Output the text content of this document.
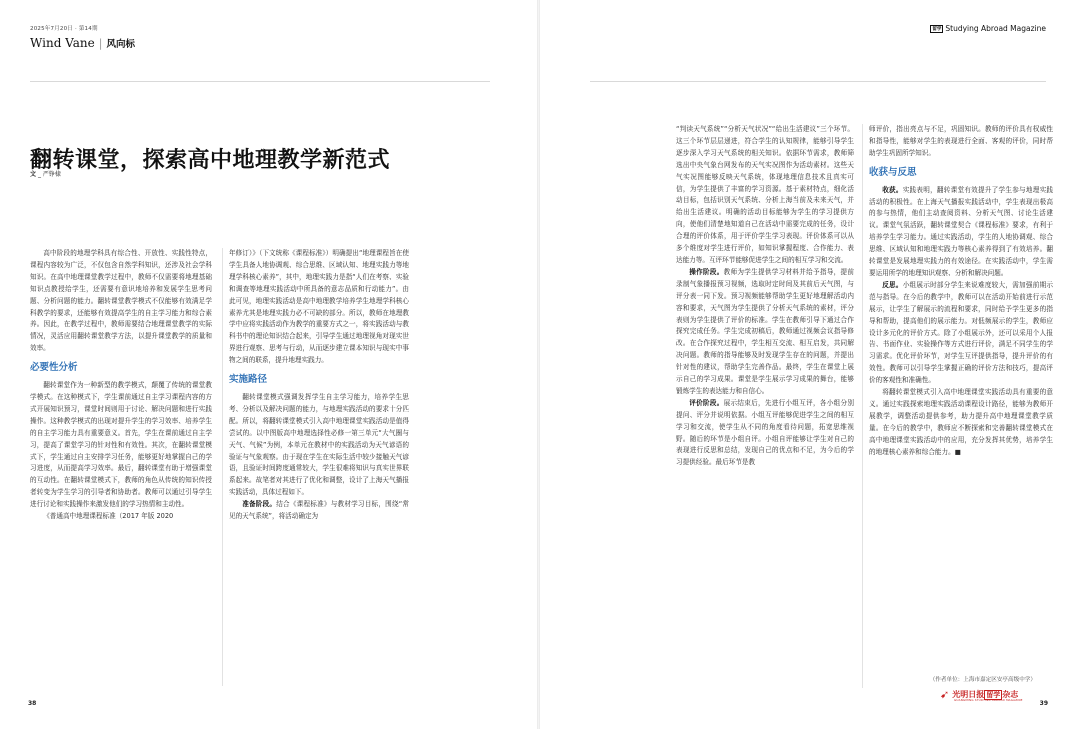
2025年7月20日 · 第14期
Wind Vane | 风向标
翻转课堂，探索高中地理教学新范式
文 _ 严铮棣

高中阶段的地理学科具有综合性、开放性、实践性特点，课程内容较为广泛，不仅包含自然学科知识，还涉及社会学科知识。在高中地理课堂教学过程中，教师不仅需要将地理基础知识点教授给学生，还需要有意识地培养和发展学生思考问题、分析问题的能力。翻转课堂教学模式不仅能够有效满足学科教学的要求，还能够有效提高学生的自主学习能力和综合素养。因此，在教学过程中，教师需要结合地理课堂教学的实际情况，灵活应用翻转课堂教学方法，以提升课堂教学的质量和效率。

必要性分析

翻转课堂作为一种新型的教学模式，颠覆了传统的课堂教学模式。在这种模式下，学生课前通过自主学习课程内容的方式开展知识预习，课堂时间则用于讨论、解决问题和进行实践操作。这种教学模式的出现对提升学生的学习效率、培养学生的自主学习能力具有重要意义。首先，学生在课前通过自主学习，提高了课堂学习的针对性和有效性。其次，在翻转课堂模式下，学生通过自主安排学习任务，能够更好地掌握自己的学习进度，从而提高学习效率。最后，翻转课堂有助于增强课堂的互动性。在翻转课堂模式下，教师的角色从传统的知识传授者转变为学生学习的引导者和协助者。教师可以通过引导学生进行讨论和实践操作来激发他们的学习热情和主动性。

《普通高中地理课程标准（2017 年版 2020

年修订）》（下文统称《课程标准》）明确提出“地理课程旨在使学生具备人地协调观、综合思维、区域认知、地理实践力等地理学科核心素养”，其中，地理实践力是指“人们在考察、实验和调查等地理实践活动中所具备的意志品质和行动能力”。由此可见，地理实践活动是高中地理教学培养学生地理学科核心素养尤其是地理实践力必不可缺的部分。所以，教师在地理教学中应将实践活动作为教学的重要方式之一，将实践活动与教科书中的理论知识结合起来，引导学生通过地理视角对现实世界进行观察、思考与行动，从而逐步建立课本知识与现实中事物之间的联系，提升地理实践力。

实施路径

翻转课堂模式强调发挥学生自主学习能力，培养学生思考、分析以及解决问题的能力，与地理实践活动的要求十分匹配。所以，将翻转课堂模式引入高中地理课堂实践活动是值得尝试的。以中图版高中地理选择性必修一第三单元“大气圈与天气、气候”为例，本单元在教材中的实践活动为天气谚语的验证与气象观察。由于现在学生在实际生活中较少接触天气谚语，且验证时间跨度通常较大，学生很难将知识与真实世界联系起来。故笔者对其进行了优化和调整，设计了上海天气播报实践活动，具体过程如下。

准备阶段。结合《课程标准》与教材学习目标，围绕“常见的天气系统”，将活动确定为

38
留学 Studying Abroad Magazine

“判读天气系统”“分析天气状况”“给出生活建议”三个环节。这三个环节层层递进，符合学生的认知规律，能够引导学生逐步深入学习天气系统的相关知识。依据环节需求，教师筛选出中央气象台网发布的天气实况图作为活动素材。这些天气实况图能够反映天气系统，体现地理信息技术且真实可信，为学生提供了丰富的学习资源。基于素材特点，细化活动目标，包括识别天气系统、分析上海当前及未来天气，并给出生活建议。明确的活动目标能够为学生的学习提供方向，使他们清楚地知道自己在活动中需要完成的任务，设计合理的评价体系，用于评价学生学习表现。评价体系可以从多个维度对学生进行评价，如知识掌握程度、合作能力、表达能力等。互评环节能够促进学生之间的相互学习和交流。

操作阶段。教师为学生提供学习材料并给予指导，提前录制气象播报预习视频，选取时定时间及其前后天气图，与评分表一同下发。预习视频能够帮助学生更好地理解活动内容和要求，天气图为学生提供了分析天气系统的素材，评分表则为学生提供了评价的标准。学生在教师引导下通过合作探究完成任务。学生完成初稿后，教师通过视频会议指导修改。在合作探究过程中，学生相互交流、相互启发，共同解决问题。教师的指导能够及时发现学生存在的问题，并提出针对性的建议，帮助学生完善作品。最终，学生在课堂上展示自己的学习成果。课堂是学生展示学习成果的舞台，能够锻炼学生的表达能力和自信心。

评价阶段。展示结束后，先进行小组互评，各小组分别提问、评分并说明依据。小组互评能够促进学生之间的相互学习和交流，使学生从不同的角度看待问题，拓宽思维视野。随后的环节是小组自评。小组自评能够让学生对自己的表现进行反思和总结，发现自己的优点和不足，为今后的学习提供经验。最后环节是教

师评价，指出亮点与不足，巩固知识。教师的评价具有权威性和指导性，能够对学生的表现进行全面、客观的评价，同时帮助学生巩固所学知识。

收获与反思

收获。实践表明，翻转课堂有效提升了学生参与地理实践活动的积极性。在上海天气播报实践活动中，学生表现出极高的参与热情，他们主动查阅资料、分析天气图、讨论生活建议。课堂气氛活跃，翻转课堂契合《课程标准》要求，有利于培养学生学习能力。通过实践活动，学生的人地协调观、综合思维、区域认知和地理实践力等核心素养得到了有效培养。翻转课堂是发展地理实践力的有效途径。在实践活动中，学生需要运用所学的地理知识观察、分析和解决问题。

反思。小组展示时部分学生来说难度较大，需加强前期示范与指导。在今后的教学中，教师可以在活动开始前进行示范展示，让学生了解展示的流程和要求，同时给予学生更多的指导和帮助，提高他们的展示能力。对低频展示的学生，教师应设计多元化的评价方式。除了小组展示外，还可以采用个人报告、书面作业、实验操作等方式进行评价，满足不同学生的学习需求。优化评价环节，对学生互评提供指导，提升评价的有效性。教师可以引导学生掌握正确的评价方法和技巧，提高评价的客观性和准确性。

将翻转课堂模式引入高中地理课堂实践活动具有重要的意义。通过实践探索地理实践活动课程设计路径，能够为教师开展教学，调整活动提供参考，助力提升高中地理课堂教学质量。在今后的教学中，教师应不断探索和完善翻转课堂模式在高中地理课堂实践活动中的应用，充分发挥其优势，培养学生的地理核心素养和综合能力。■

（作者单位：上海市嘉定区安亭高级中学）
➹ 光明日报 留学 杂志
GUANGMING STUDYING ABROAD MAGAZINE	39
